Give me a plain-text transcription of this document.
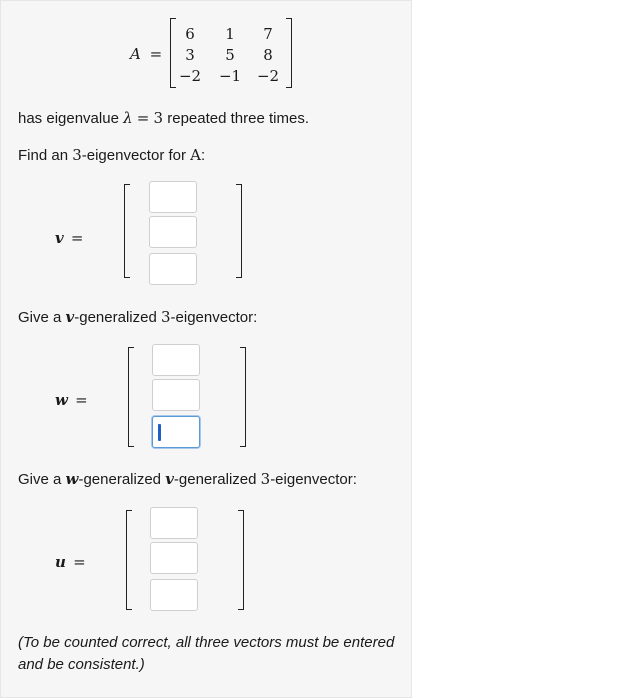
A =
6	1	7
3	5	8
−2	−1	−2
has eigenvalue λ = 3 repeated three times.
Find an 3-eigenvector for A:
v =
Give a v-generalized 3-eigenvector:
w =
Give a w-generalized v-generalized 3-eigenvector:
u =
(To be counted correct, all three vectors must be entered and be consistent.)
